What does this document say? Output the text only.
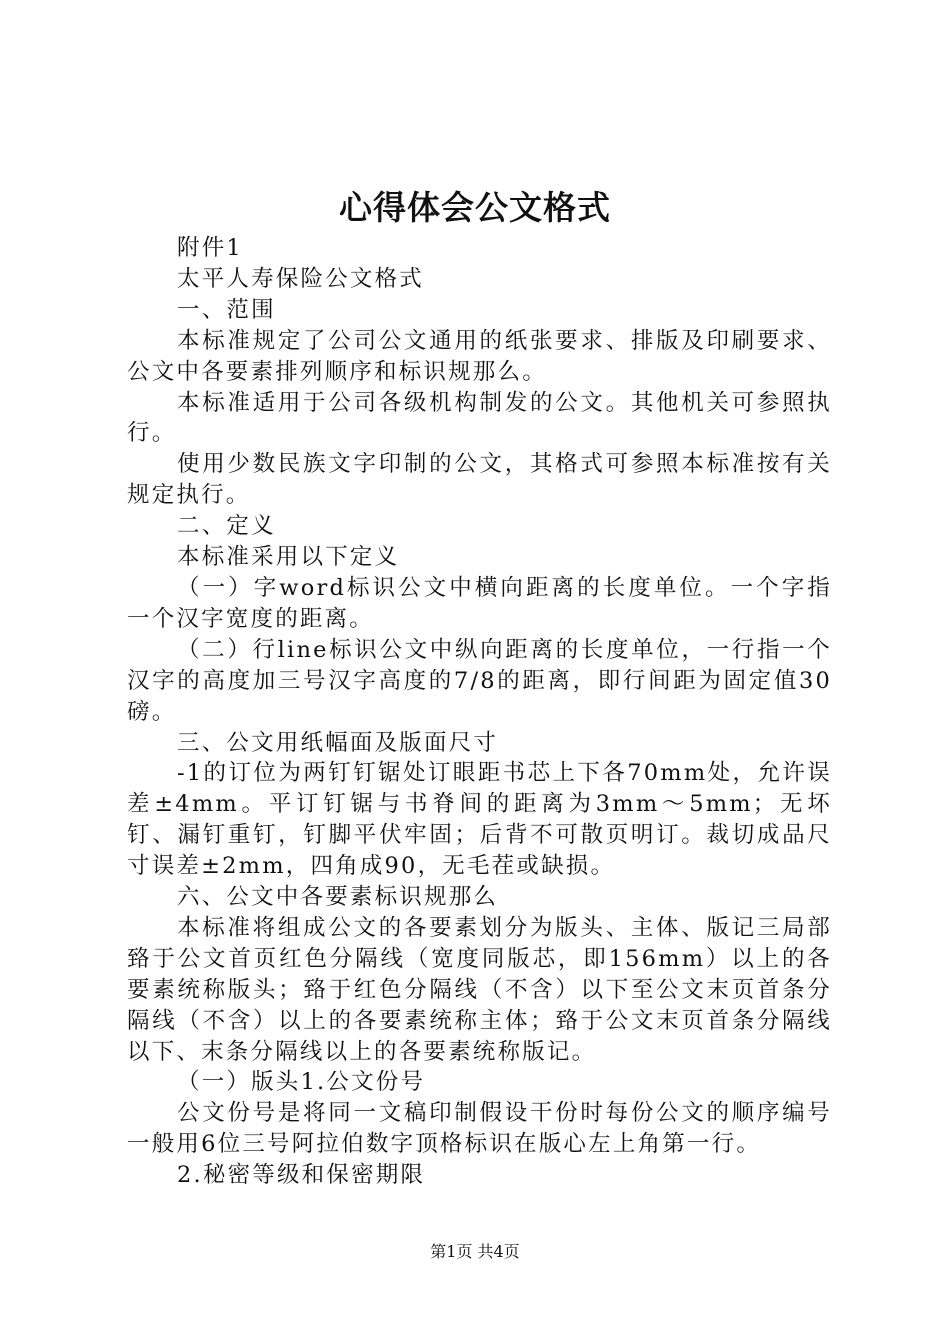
心得体会公文格式

附件1

太平人寿保险公文格式

一、范围

本标准规定了公司公文通用的纸张要求、排版及印刷要求、公文中各要素排列顺序和标识规那么。

本标准适用于公司各级机构制发的公文。其他机关可参照执行。

使用少数民族文字印制的公文，其格式可参照本标准按有关规定执行。

二、定义

本标准采用以下定义

（一）字word标识公文中横向距离的长度单位。一个字指一个汉字宽度的距离。

（二）行line标识公文中纵向距离的长度单位，一行指一个汉字的高度加三号汉字高度的7/8的距离，即行间距为固定值30磅。

三、公文用纸幅面及版面尺寸

-1的订位为两钉钉锯处订眼距书芯上下各70mm处，允许误差±4mm。平订钉锯与书脊间的距离为3mm～5mm；无坏钉、漏钉重钉，钉脚平伏牢固；后背不可散页明订。裁切成品尺寸误差±2mm，四角成90，无毛茬或缺损。

六、公文中各要素标识规那么

本标准将组成公文的各要素划分为版头、主体、版记三局部臵于公文首页红色分隔线（宽度同版芯，即156mm）以上的各要素统称版头；臵于红色分隔线（不含）以下至公文末页首条分隔线（不含）以上的各要素统称主体；臵于公文末页首条分隔线以下、末条分隔线以上的各要素统称版记。

（一）版头1.公文份号

公文份号是将同一文稿印制假设干份时每份公文的顺序编号一般用6位三号阿拉伯数字顶格标识在版心左上角第一行。

2.秘密等级和保密期限

第1页 共4页
